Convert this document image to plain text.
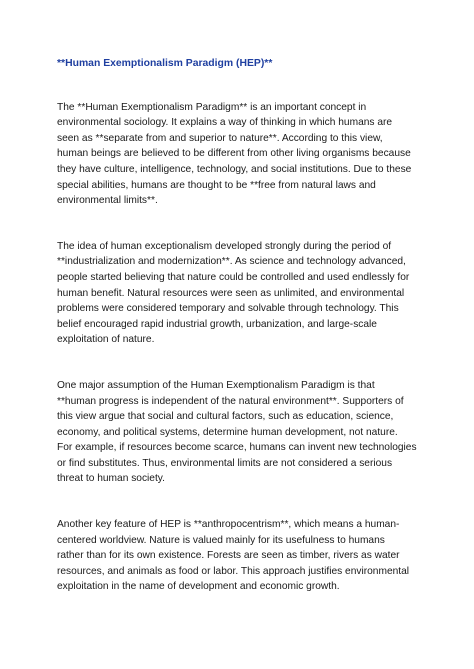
**Human Exemptionalism Paradigm (HEP)**

The **Human Exemptionalism Paradigm** is an important concept in
environmental sociology. It explains a way of thinking in which humans are
seen as **separate from and superior to nature**. According to this view,
human beings are believed to be different from other living organisms because
they have culture, intelligence, technology, and social institutions. Due to these
special abilities, humans are thought to be **free from natural laws and
environmental limits**.

The idea of human exceptionalism developed strongly during the period of
**industrialization and modernization**. As science and technology advanced,
people started believing that nature could be controlled and used endlessly for
human benefit. Natural resources were seen as unlimited, and environmental
problems were considered temporary and solvable through technology. This
belief encouraged rapid industrial growth, urbanization, and large-scale
exploitation of nature.

One major assumption of the Human Exemptionalism Paradigm is that
**human progress is independent of the natural environment**. Supporters of
this view argue that social and cultural factors, such as education, science,
economy, and political systems, determine human development, not nature.
For example, if resources become scarce, humans can invent new technologies
or find substitutes. Thus, environmental limits are not considered a serious
threat to human society.

Another key feature of HEP is **anthropocentrism**, which means a human-
centered worldview. Nature is valued mainly for its usefulness to humans
rather than for its own existence. Forests are seen as timber, rivers as water
resources, and animals as food or labor. This approach justifies environmental
exploitation in the name of development and economic growth.
